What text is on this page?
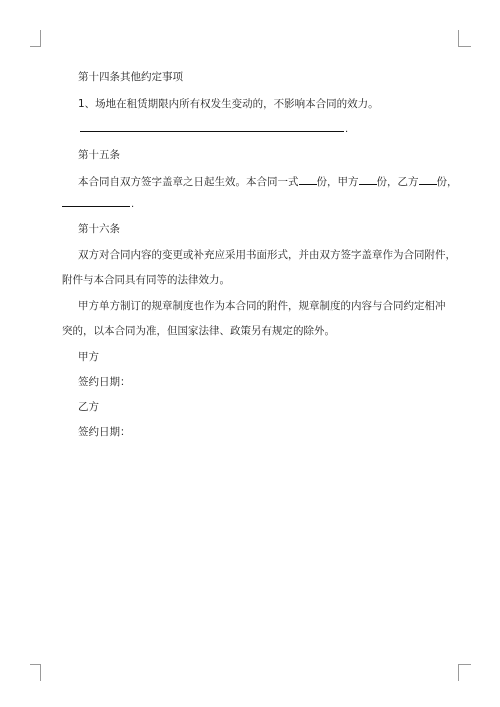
第十四条其他约定事项
1、场地在租赁期限内所有权发生变动的，不影响本合同的效力。
.
第十五条
本合同自双方签字盖章之日起生效。本合同一式 份，甲方 份，乙方 份，
.
第十六条
双方对合同内容的变更或补充应采用书面形式，并由双方签字盖章作为合同附件，
附件与本合同具有同等的法律效力。
甲方单方制订的规章制度也作为本合同的附件，规章制度的内容与合同约定相冲
突的，以本合同为准，但国家法律、政策另有规定的除外。
甲方
签约日期：
乙方
签约日期：
